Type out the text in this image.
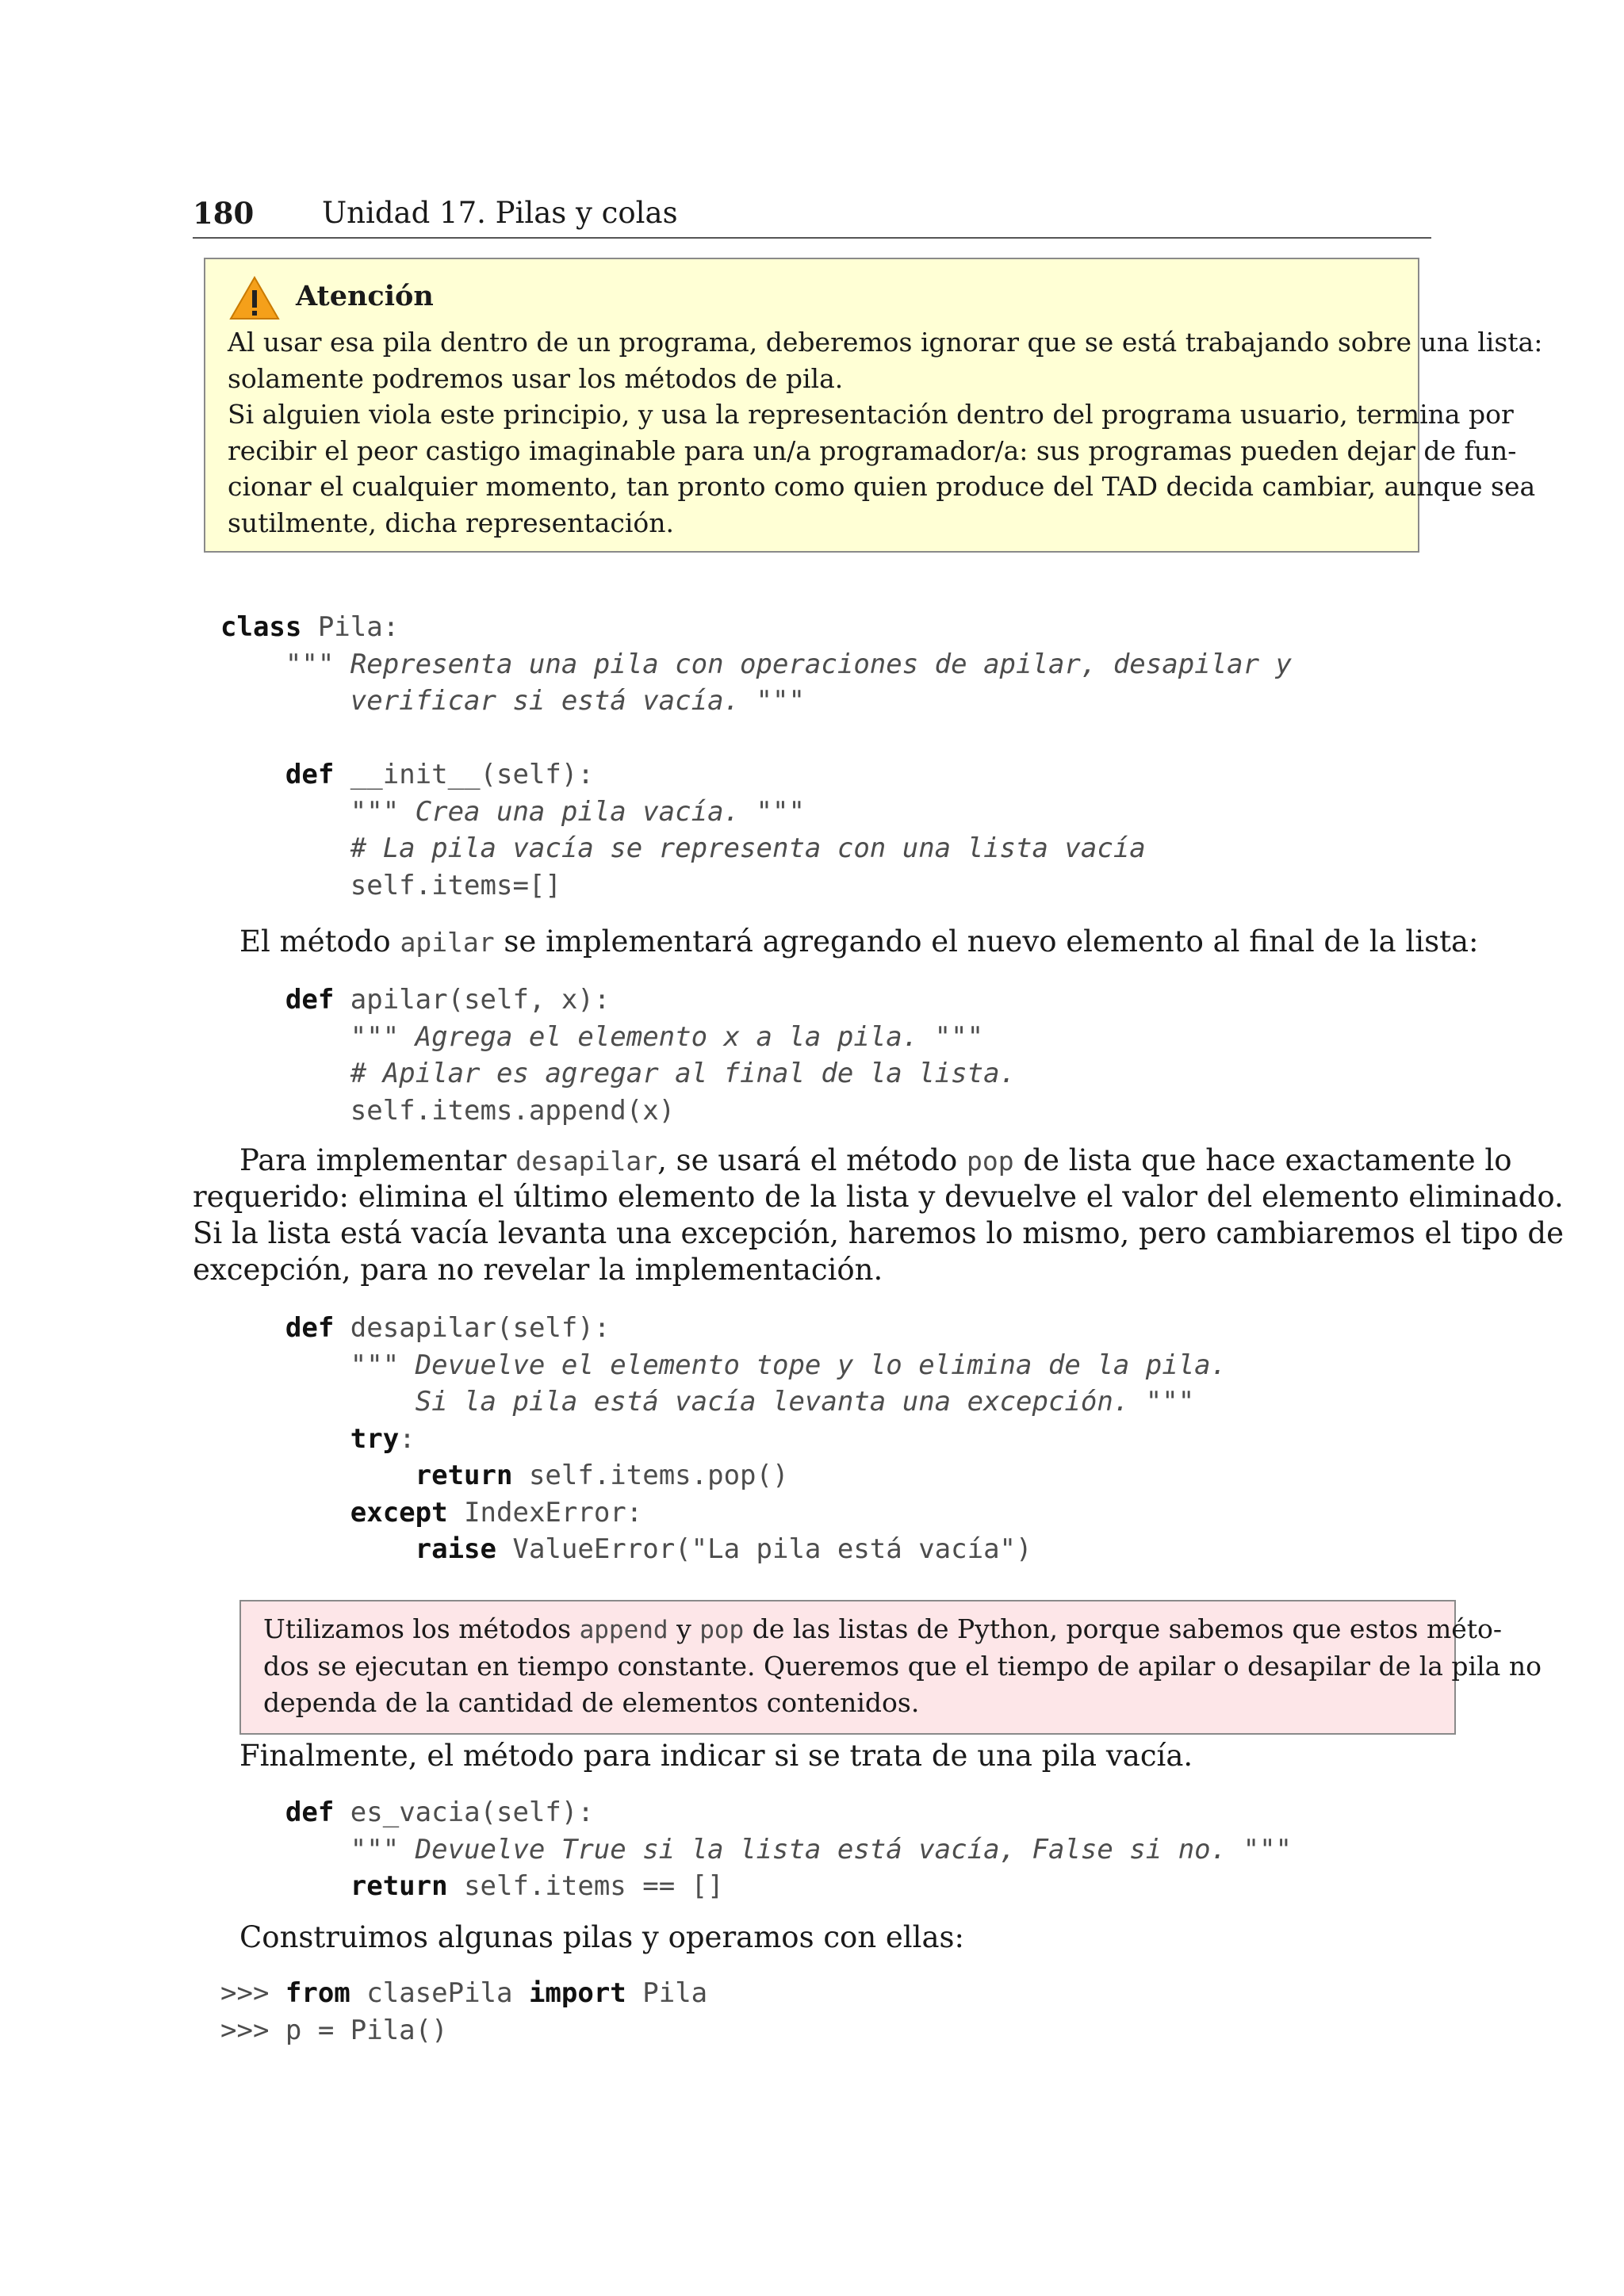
180 Unidad 17. Pilas y colas
Atención
Al usar esa pila dentro de un programa, deberemos ignorar que se está trabajando sobre una lista:
solamente podremos usar los métodos de pila.
Si alguien viola este principio, y usa la representación dentro del programa usuario, termina por
recibir el peor castigo imaginable para un/a programador/a: sus programas pueden dejar de fun-
cionar el cualquier momento, tan pronto como quien produce del TAD decida cambiar, aunque sea
sutilmente, dicha representación.
class Pila:
""" Representa una pila con operaciones de apilar, desapilar y
verificar si está vacía. """

def __init__(self):
""" Crea una pila vacía. """
# La pila vacía se representa con una lista vacía
self.items=[]
El método apilar se implementará agregando el nuevo elemento al final de la lista:
def apilar(self, x):
""" Agrega el elemento x a la pila. """
# Apilar es agregar al final de la lista.
self.items.append(x)
Para implementar desapilar, se usará el método pop de lista que hace exactamente lo
requerido: elimina el último elemento de la lista y devuelve el valor del elemento eliminado.
Si la lista está vacía levanta una excepción, haremos lo mismo, pero cambiaremos el tipo de
excepción, para no revelar la implementación.
def desapilar(self):
""" Devuelve el elemento tope y lo elimina de la pila.
Si la pila está vacía levanta una excepción. """
try:
return self.items.pop()
except IndexError:
raise ValueError("La pila está vacía")
Utilizamos los métodos append y pop de las listas de Python, porque sabemos que estos méto-
dos se ejecutan en tiempo constante. Queremos que el tiempo de apilar o desapilar de la pila no
dependa de la cantidad de elementos contenidos.
Finalmente, el método para indicar si se trata de una pila vacía.
def es_vacia(self):
""" Devuelve True si la lista está vacía, False si no. """
return self.items == []
Construimos algunas pilas y operamos con ellas:
>>> from clasePila import Pila
>>> p = Pila()
